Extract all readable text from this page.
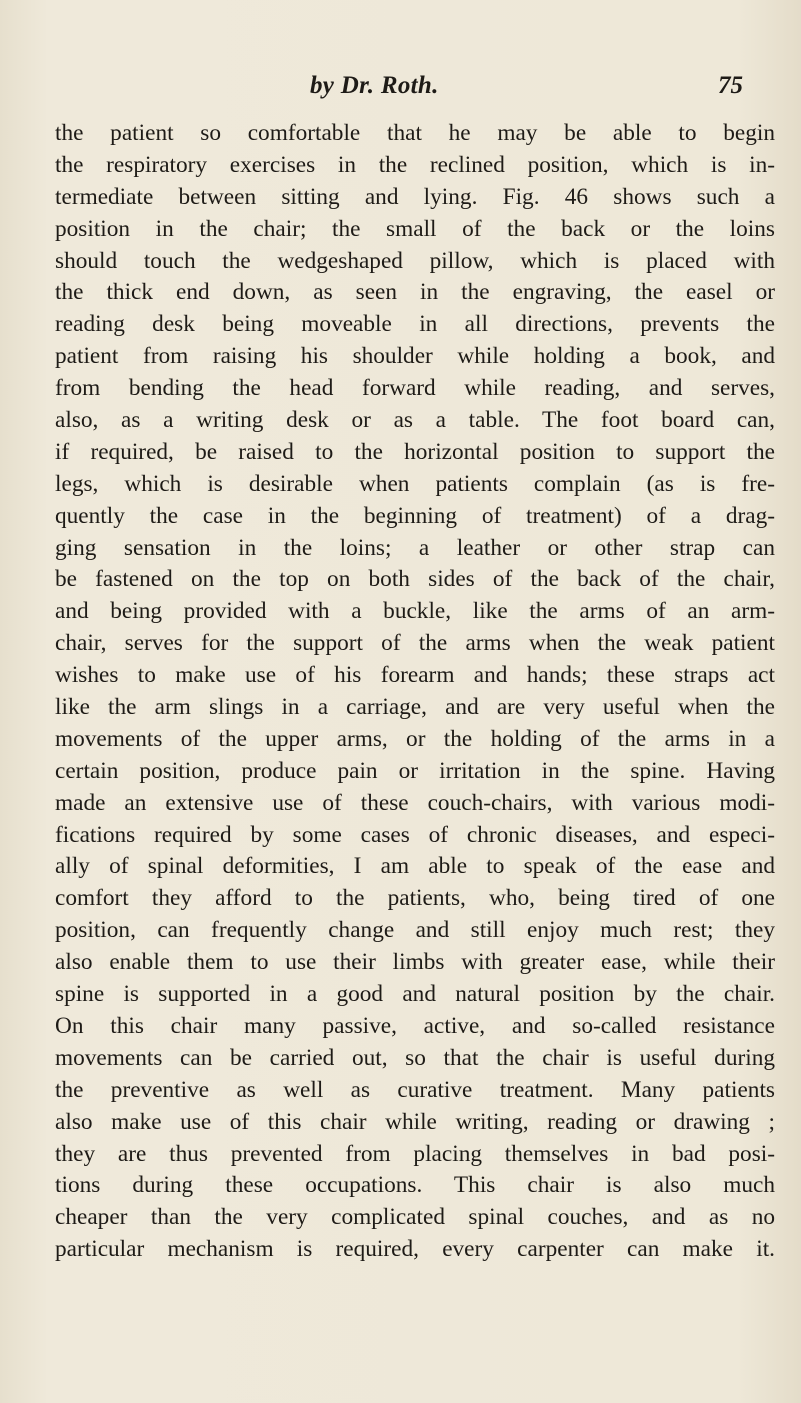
by Dr. Roth.	75
the patient so comfortable that he may be able to begin
the respiratory exercises in the reclined position, which is in-
termediate between sitting and lying. Fig. 46 shows such a
position in the chair; the small of the back or the loins
should touch the wedgeshaped pillow, which is placed with
the thick end down, as seen in the engraving, the easel or
reading desk being moveable in all directions, prevents the
patient from raising his shoulder while holding a book, and
from bending the head forward while reading, and serves,
also, as a writing desk or as a table. The foot board can,
if required, be raised to the horizontal position to support the
legs, which is desirable when patients complain (as is fre-
quently the case in the beginning of treatment) of a drag-
ging sensation in the loins; a leather or other strap can
be fastened on the top on both sides of the back of the chair,
and being provided with a buckle, like the arms of an arm-
chair, serves for the support of the arms when the weak patient
wishes to make use of his forearm and hands; these straps act
like the arm slings in a carriage, and are very useful when the
movements of the upper arms, or the holding of the arms in a
certain position, produce pain or irritation in the spine. Having
made an extensive use of these couch-chairs, with various modi-
fications required by some cases of chronic diseases, and especi-
ally of spinal deformities, I am able to speak of the ease and
comfort they afford to the patients, who, being tired of one
position, can frequently change and still enjoy much rest; they
also enable them to use their limbs with greater ease, while their
spine is supported in a good and natural position by the chair.
On this chair many passive, active, and so-called resistance
movements can be carried out, so that the chair is useful during
the preventive as well as curative treatment. Many patients
also make use of this chair while writing, reading or drawing ;
they are thus prevented from placing themselves in bad posi-
tions during these occupations. This chair is also much
cheaper than the very complicated spinal couches, and as no
particular mechanism is required, every carpenter can make it.
